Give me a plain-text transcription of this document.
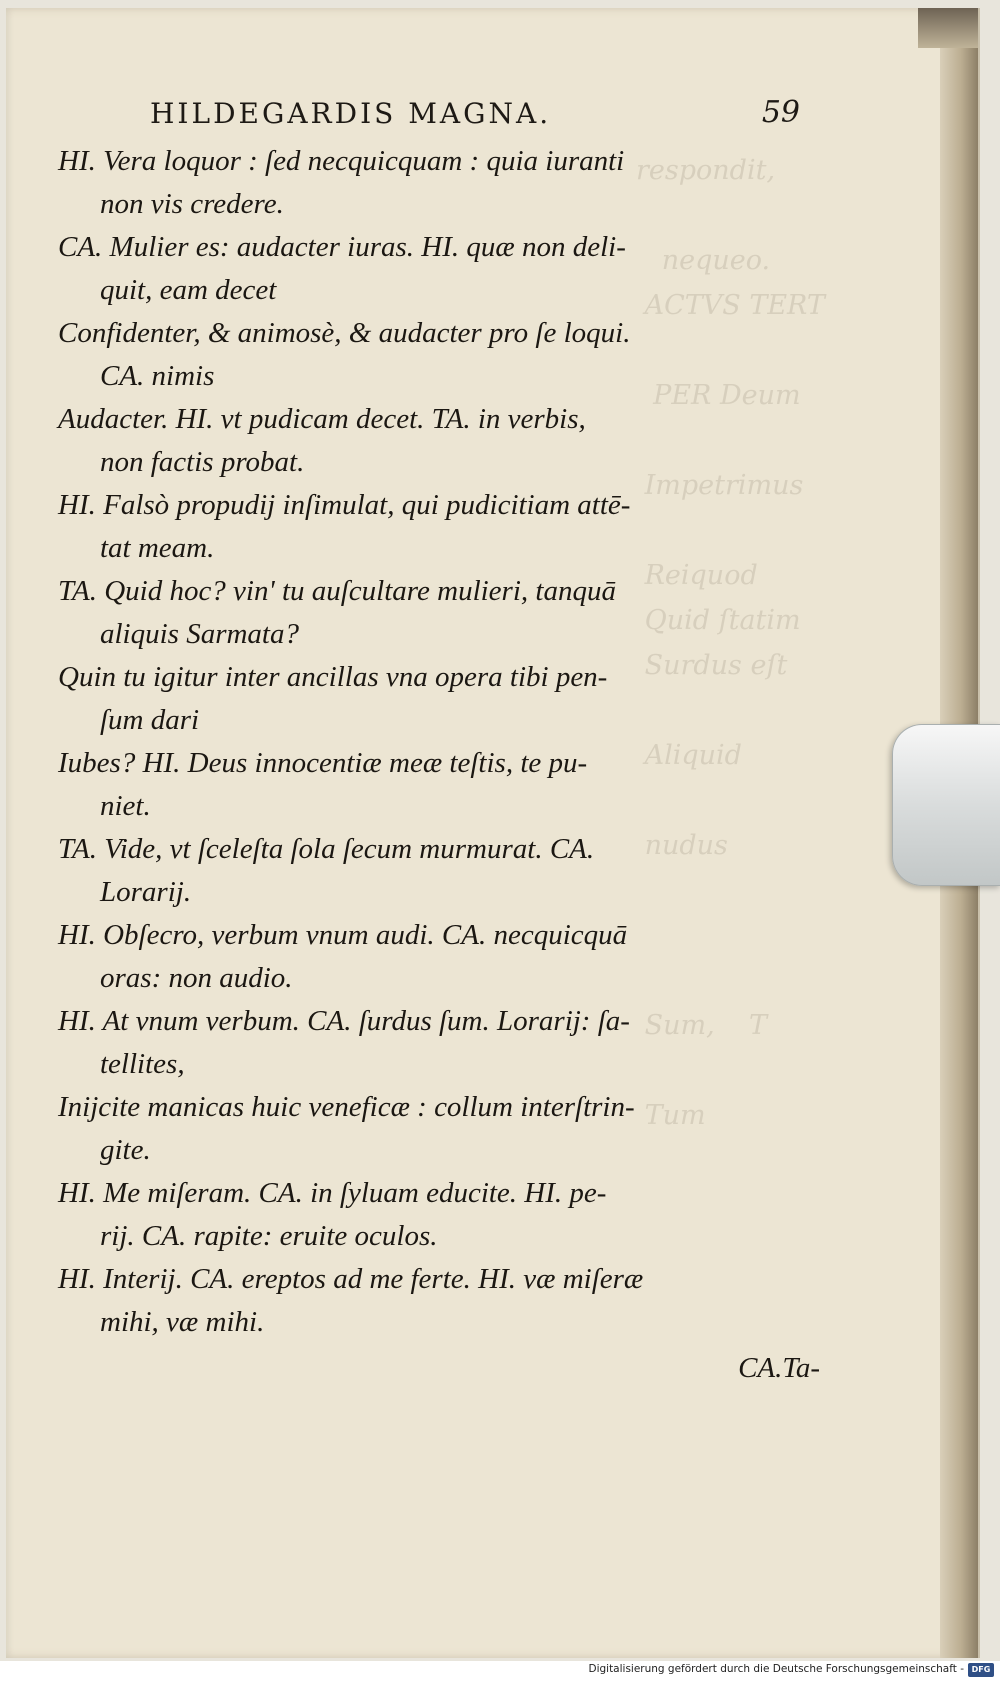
respondit,

nequeo.
ACTVS TERT

PER Deum

Impetrimus

Reiquod
Quid ſtatim
Surdus eſt

Aliquid

nudus

Sum,    T

Tum
HILDEGARDIS MAGNA.	59
HI. Vera loquor : ſed necquicquam : quia iuranti
non vis credere.
CA. Mulier es: audacter iuras. HI. quæ non deli-
quit, eam decet
Confidenter, & animosè, & audacter pro ſe loqui.
CA. nimis
Audacter. HI. vt pudicam decet. TA. in verbis,
non factis probat.
HI. Falsò propudij inſimulat, qui pudicitiam attē-
tat meam.
TA. Quid hoc? vin' tu auſcultare mulieri, tanquā
aliquis Sarmata?
Quin tu igitur inter ancillas vna opera tibi pen-
ſum dari
Iubes? HI. Deus innocentiæ meæ teſtis, te pu-
niet.
TA. Vide, vt ſceleſta ſola ſecum murmurat. CA.
Lorarij.
HI. Obſecro, verbum vnum audi. CA. necquicquā
oras: non audio.
HI. At vnum verbum. CA. ſurdus ſum. Lorarij: ſa-
tellites,
Inijcite manicas huic veneficæ : collum interſtrin-
gite.
HI. Me miſeram. CA. in ſyluam educite. HI. pe-
rij. CA. rapite: eruite oculos.
HI. Interij. CA. ereptos ad me ferte. HI. væ miſeræ
mihi, væ mihi.
CA.Ta-
Digitalisierung gefördert durch die Deutsche Forschungsgemeinschaft - DFG
